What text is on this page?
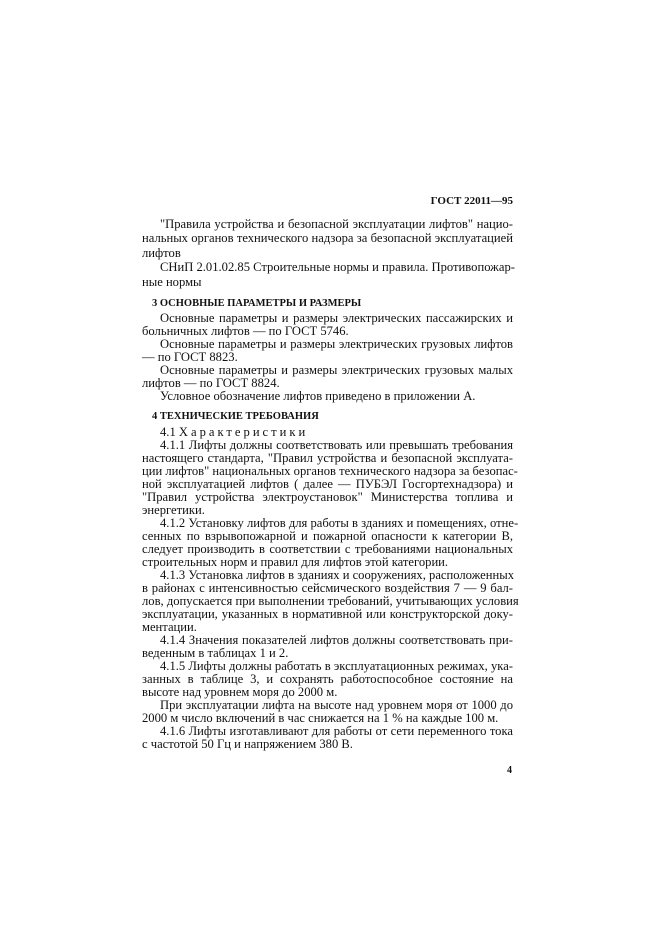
ГОСТ 22011—95
"Правила устройства и безопасной эксплуатации лифтов" нацио-
нальных органов технического надзора за безопасной эксплуатацией
лифтов
СНиП 2.01.02.85 Строительные нормы и правила. Противопожар-
ные нормы
3 ОСНОВНЫЕ ПАРАМЕТРЫ И РАЗМЕРЫ
Основные параметры и размеры электрических пассажирских и
больничных лифтов — по ГОСТ 5746.
Основные параметры и размеры электрических грузовых лифтов
— по ГОСТ 8823.
Основные параметры и размеры электрических грузовых малых
лифтов — по ГОСТ 8824.
Условное обозначение лифтов приведено в приложении А.
4 ТЕХНИЧЕСКИЕ ТРЕБОВАНИЯ
4.1 Характеристики
4.1.1 Лифты должны соответствовать или превышать требования
настоящего стандарта, "Правил устройства и безопасной эксплуата-
ции лифтов" национальных органов технического надзора за безопас-
ной эксплуатацией лифтов ( далее — ПУБЭЛ Госгортехнадзора) и
"Правил устройства электроустановок" Министерства топлива и
энергетики.
4.1.2 Установку лифтов для работы в зданиях и помещениях, отне-
сенных по взрывопожарной и пожарной опасности к категории В,
следует производить в соответствии с требованиями национальных
строительных норм и правил для лифтов этой категории.
4.1.3 Установка лифтов в зданиях и сооружениях, расположенных
в районах с интенсивностью сейсмического воздействия 7 — 9 бал-
лов, допускается при выполнении требований, учитывающих условия
эксплуатации, указанных в нормативной или конструкторской доку-
ментации.
4.1.4 Значения показателей лифтов должны соответствовать при-
веденным в таблицах 1 и 2.
4.1.5 Лифты должны работать в эксплуатационных режимах, ука-
занных в таблице 3, и сохранять работоспособное состояние на
высоте над уровнем моря до 2000 м.
При эксплуатации лифта на высоте над уровнем моря от 1000 до
2000 м число включений в час снижается на 1 % на каждые 100 м.
4.1.6 Лифты изготавливают для работы от сети переменного тока
с частотой 50 Гц и напряжением 380 В.
4
